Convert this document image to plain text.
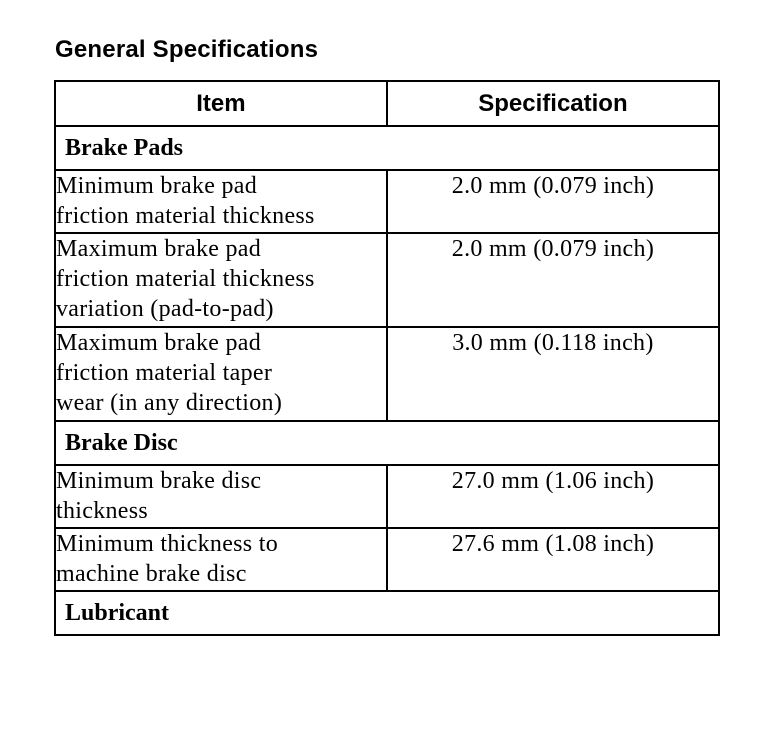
General Specifications
Item	Specification
Brake Pads	

Minimum brake pad
friction material thickness	2.0 mm (0.079 inch)

Maximum brake pad
friction material thickness
variation (pad-to-pad)	2.0 mm (0.079 inch)

Maximum brake pad
friction material taper
wear (in any direction)	3.0 mm (0.118 inch)
Brake Disc	

Minimum brake disc
thickness	27.0 mm (1.06 inch)

Minimum thickness to
machine brake disc	27.6 mm (1.08 inch)
Lubricant	
